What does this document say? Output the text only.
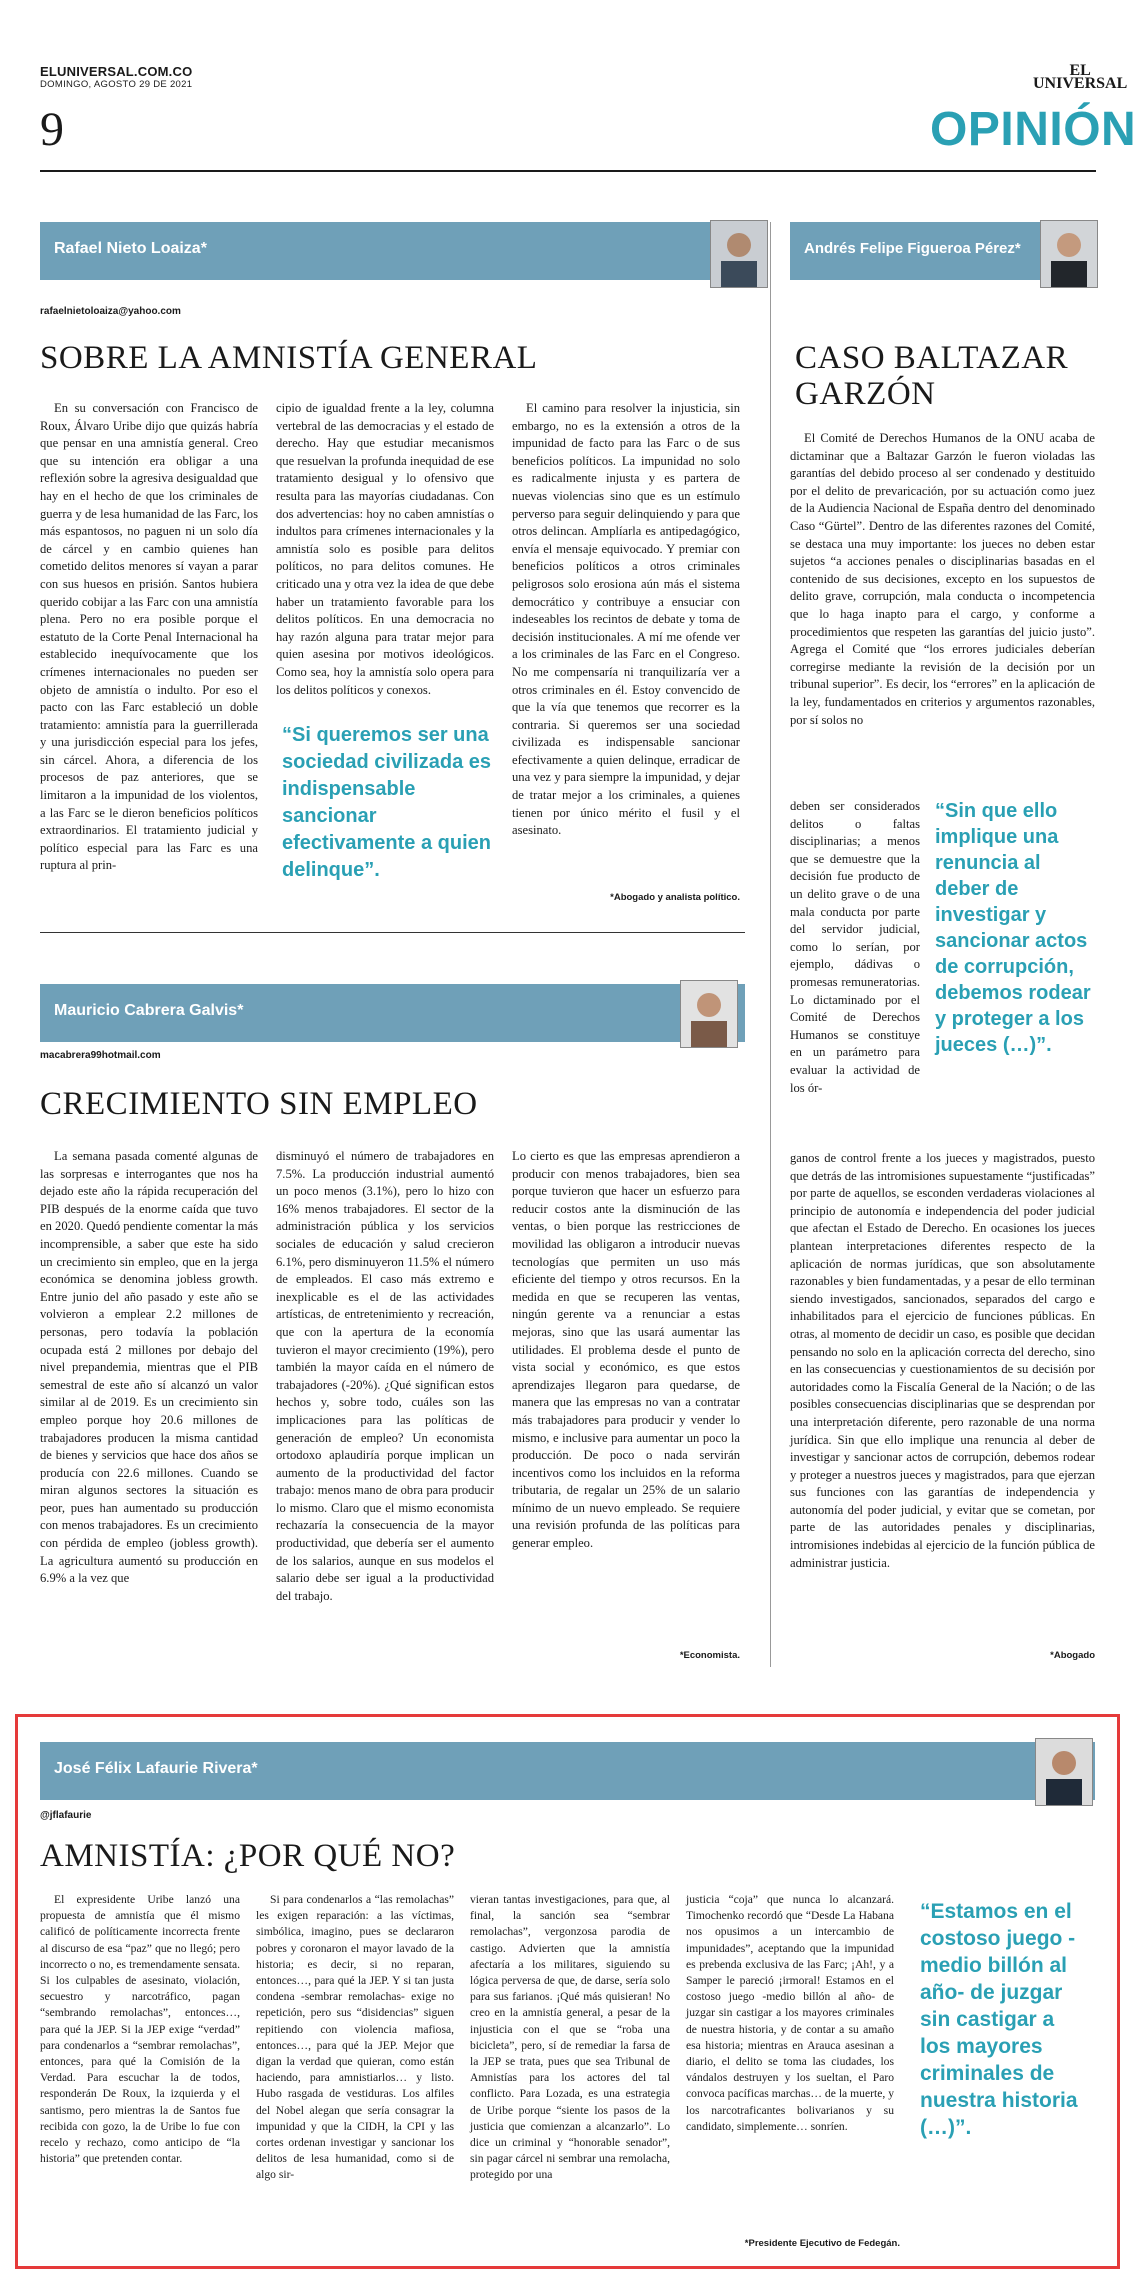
ELUNIVERSAL.COM.CO
DOMINGO, AGOSTO 29 DE 2021
EL
UNIVERSAL
9	OPINIÓN
Rafael Nieto Loaiza*
rafaelnietoloaiza@yahoo.com
SOBRE LA AMNISTÍA GENERAL

En su conversación con Francisco de Roux, Álvaro Uribe dijo que quizás habría que pensar en una amnistía general. Creo que su intención era obligar a una reflexión sobre la agresiva desigualdad que hay en el hecho de que los criminales de guerra y de lesa humanidad de las Farc, los más espantosos, no paguen ni un solo día de cárcel y en cambio quienes han cometido delitos menores sí vayan a parar con sus huesos en prisión. Santos hubiera querido cobijar a las Farc con una amnistía plena. Pero no era posible porque el estatuto de la Corte Penal Internacional ha establecido inequívocamente que los crímenes internacionales no pueden ser objeto de amnistía o indulto. Por eso el pacto con las Farc estableció un doble tratamiento: amnistía para la guerrillerada y una jurisdicción especial para los jefes, sin cárcel. Ahora, a diferencia de los procesos de paz anteriores, que se limitaron a la impunidad de los violentos, a las Farc se le dieron beneficios políticos extraordinarios. El tratamiento judicial y político especial para las Farc es una ruptura al prin-

cipio de igualdad frente a la ley, columna vertebral de las democracias y el estado de derecho. Hay que estudiar mecanismos que resuelvan la profunda inequidad de ese tratamiento desigual y lo ofensivo que resulta para las mayorías ciudadanas. Con dos advertencias: hoy no caben amnistías o indultos para crímenes internacionales y la amnistía solo es posible para delitos políticos, no para delitos comunes. He criticado una y otra vez la idea de que debe haber un tratamiento favorable para los delitos políticos. En una democracia no hay razón alguna para tratar mejor para quien asesina por motivos ideológicos. Como sea, hoy la amnistía solo opera para los delitos políticos y conexos.

“Si queremos ser una sociedad civilizada es indispensable sancionar efectivamente a quien delinque”.

El camino para resolver la injusticia, sin embargo, no es la extensión a otros de la impunidad de facto para las Farc o de sus beneficios políticos. La impunidad no solo es radicalmente injusta y es partera de nuevas violencias sino que es un estímulo perverso para seguir delinquiendo y para que otros delincan. Amplíarla es antipedagógico, envía el mensaje equivocado. Y premiar con beneficios políticos a otros criminales peligrosos solo erosiona aún más el sistema democrático y contribuye a ensuciar con indeseables los recintos de debate y toma de decisión institucionales. A mí me ofende ver a los criminales de las Farc en el Congreso. No me compensaría ni tranquilizaría ver a otros criminales en él. Estoy convencido de que la vía que tenemos que recorrer es la contraria. Si queremos ser una sociedad civilizada es indispensable sancionar efectivamente a quien delinque, erradicar de una vez y para siempre la impunidad, y dejar de tratar mejor a los criminales, a quienes tienen por único mérito el fusil y el asesinato.

*Abogado y analista político.
Andrés Felipe Figueroa Pérez*
CASO BALTAZAR GARZÓN

El Comité de Derechos Humanos de la ONU acaba de dictaminar que a Baltazar Garzón le fueron violadas las garantías del debido proceso al ser condenado y destituido por el delito de prevaricación, por su actuación como juez de la Audiencia Nacional de España dentro del denominado Caso “Gürtel”. Dentro de las diferentes razones del Comité, se destaca una muy importante: los jueces no deben estar sujetos “a acciones penales o disciplinarias basadas en el contenido de sus decisiones, excepto en los supuestos de delito grave, corrupción, mala conducta o incompetencia que lo haga inapto para el cargo, y conforme a procedimientos que respeten las garantías del juicio justo”. Agrega el Comité que “los errores judiciales deberían corregirse mediante la revisión de la decisión por un tribunal superior”. Es decir, los “errores” en la aplicación de la ley, fundamentados en criterios y argumentos razonables, por sí solos no

deben ser considerados delitos o faltas disciplinarias; a menos que se demuestre que la decisión fue producto de un delito grave o de una mala conducta por parte del servidor judicial, como lo serían, por ejemplo, dádivas o promesas remuneratorias. Lo dictaminado por el Comité de Derechos Humanos se constituye en un parámetro para evaluar la actividad de los ór-

“Sin que ello implique una renuncia al deber de investigar y sancionar actos de corrupción, debemos rodear y proteger a los jueces (…)”.

ganos de control frente a los jueces y magistrados, puesto que detrás de las intromisiones supuestamente “justificadas” por parte de aquellos, se esconden verdaderas violaciones al principio de autonomía e independencia del poder judicial que afectan el Estado de Derecho. En ocasiones los jueces plantean interpretaciones diferentes respecto de la aplicación de normas jurídicas, que son absolutamente razonables y bien fundamentadas, y a pesar de ello terminan siendo investigados, sancionados, separados del cargo e inhabilitados para el ejercicio de funciones públicas. En otras, al momento de decidir un caso, es posible que decidan pensando no solo en la aplicación correcta del derecho, sino en las consecuencias y cuestionamientos de su decisión por autoridades como la Fiscalía General de la Nación; o de las posibles consecuencias disciplinarias que se desprendan por una interpretación diferente, pero razonable de una norma jurídica. Sin que ello implique una renuncia al deber de investigar y sancionar actos de corrupción, debemos rodear y proteger a nuestros jueces y magistrados, para que ejerzan sus funciones con las garantías de independencia y autonomía del poder judicial, y evitar que se cometan, por parte de las autoridades penales y disciplinarias, intromisiones indebidas al ejercicio de la función pública de administrar justicia.

*Abogado
Mauricio Cabrera Galvis*
macabrera99hotmail.com
CRECIMIENTO SIN EMPLEO

La semana pasada comenté algunas de las sorpresas e interrogantes que nos ha dejado este año la rápida recuperación del PIB después de la enorme caída que tuvo en 2020. Quedó pendiente comentar la más incomprensible, a saber que este ha sido un crecimiento sin empleo, que en la jerga económica se denomina jobless growth. Entre junio del año pasado y este año se volvieron a emplear 2.2 millones de personas, pero todavía la población ocupada está 2 millones por debajo del nivel prepandemia, mientras que el PIB semestral de este año sí alcanzó un valor similar al de 2019. Es un crecimiento sin empleo porque hoy 20.6 millones de trabajadores producen la misma cantidad de bienes y servicios que hace dos años se producía con 22.6 millones. Cuando se miran algunos sectores la situación es peor, pues han aumentado su producción con menos trabajadores. Es un crecimiento con pérdida de empleo (jobless growth). La agricultura aumentó su producción en 6.9% a la vez que

disminuyó el número de trabajadores en 7.5%. La producción industrial aumentó un poco menos (3.1%), pero lo hizo con 16% menos trabajadores. El sector de la administración pública y los servicios sociales de educación y salud crecieron 6.1%, pero disminuyeron 11.5% el número de empleados. El caso más extremo e inexplicable es el de las actividades artísticas, de entretenimiento y recreación, que con la apertura de la economía tuvieron el mayor crecimiento (19%), pero también la mayor caída en el número de trabajadores (-20%). ¿Qué significan estos hechos y, sobre todo, cuáles son las implicaciones para las políticas de generación de empleo? Un economista ortodoxo aplaudiría porque implican un aumento de la productividad del factor trabajo: menos mano de obra para producir lo mismo. Claro que el mismo economista rechazaría la consecuencia de la mayor productividad, que debería ser el aumento de los salarios, aunque en sus modelos el salario debe ser igual a la productividad del trabajo.

Lo cierto es que las empresas aprendieron a producir con menos trabajadores, bien sea porque tuvieron que hacer un esfuerzo para reducir costos ante la disminución de las ventas, o bien porque las restricciones de movilidad las obligaron a introducir nuevas tecnologías que permiten un uso más eficiente del tiempo y otros recursos. En la medida en que se recuperen las ventas, ningún gerente va a renunciar a estas mejoras, sino que las usará aumentar las utilidades. El problema desde el punto de vista social y económico, es que estos aprendizajes llegaron para quedarse, de manera que las empresas no van a contratar más trabajadores para producir y vender lo mismo, e inclusive para aumentar un poco la producción. De poco o nada servirán incentivos como los incluidos en la reforma tributaria, de regalar un 25% de un salario mínimo de un nuevo empleado. Se requiere una revisión profunda de las políticas para generar empleo.

*Economista.
José Félix Lafaurie Rivera*
@jflafaurie
AMNISTÍA: ¿POR QUÉ NO?

El expresidente Uribe lanzó una propuesta de amnistía que él mismo calificó de políticamente incorrecta frente al discurso de esa “paz” que no llegó; pero incorrecto o no, es tremendamente sensata. Si los culpables de asesinato, violación, secuestro y narcotráfico, pagan “sembrando remolachas”, entonces…, para qué la JEP. Si la JEP exige “verdad” para condenarlos a “sembrar remolachas”, entonces, para qué la Comisión de la Verdad. Para escuchar la de todos, responderán De Roux, la izquierda y el santismo, pero mientras la de Santos fue recibida con gozo, la de Uribe lo fue con recelo y rechazo, como anticipo de “la historia” que pretenden contar.

Si para condenarlos a “las remolachas” les exigen reparación: a las víctimas, simbólica, imagino, pues se declararon pobres y coronaron el mayor lavado de la historia; es decir, si no reparan, entonces…, para qué la JEP. Y si tan justa condena -sembrar remolachas- exige no repetición, pero sus “disidencias” siguen repitiendo con violencia mafiosa, entonces…, para qué la JEP. Mejor que digan la verdad que quieran, como están haciendo, para amnistiarlos… y listo. Hubo rasgada de vestiduras. Los alfiles del Nobel alegan que sería consagrar la impunidad y que la CIDH, la CPI y las cortes ordenan investigar y sancionar los delitos de lesa humanidad, como si de algo sir-

vieran tantas investigaciones, para que, al final, la sanción sea “sembrar remolachas”, vergonzosa parodia de castigo. Advierten que la amnistía afectaría a los militares, siguiendo su lógica perversa de que, de darse, sería solo para sus farianos. ¡Qué más quisieran! No creo en la amnistía general, a pesar de la injusticia con el que se “roba una bicicleta”, pero, sí de remediar la farsa de la JEP se trata, pues que sea Tribunal de Amnistías para los actores del tal conflicto. Para Lozada, es una estrategia de Uribe porque “siente los pasos de la justicia que comienzan a alcanzarlo”. Lo dice un criminal y “honorable senador”, sin pagar cárcel ni sembrar una remolacha, protegido por una

justicia “coja” que nunca lo alcanzará. Timochenko recordó que “Desde La Habana nos opusimos a un intercambio de impunidades”, aceptando que la impunidad es prebenda exclusiva de las Farc; ¡Ah!, y a Samper le pareció ¡irmoral! Estamos en el costoso juego -medio billón al año- de juzgar sin castigar a los mayores criminales de nuestra historia, y de contar a su amaño esa historia; mientras en Arauca asesinan a diario, el delito se toma las ciudades, los vándalos destruyen y los sueltan, el Paro convoca pacíficas marchas… de la muerte, y los narcotraficantes bolivarianos y su candidato, simplemente… sonríen.

“Estamos en el costoso juego -medio billón al año- de juzgar sin castigar a los mayores criminales de nuestra historia (…)”.
*Presidente Ejecutivo de Fedegán.
